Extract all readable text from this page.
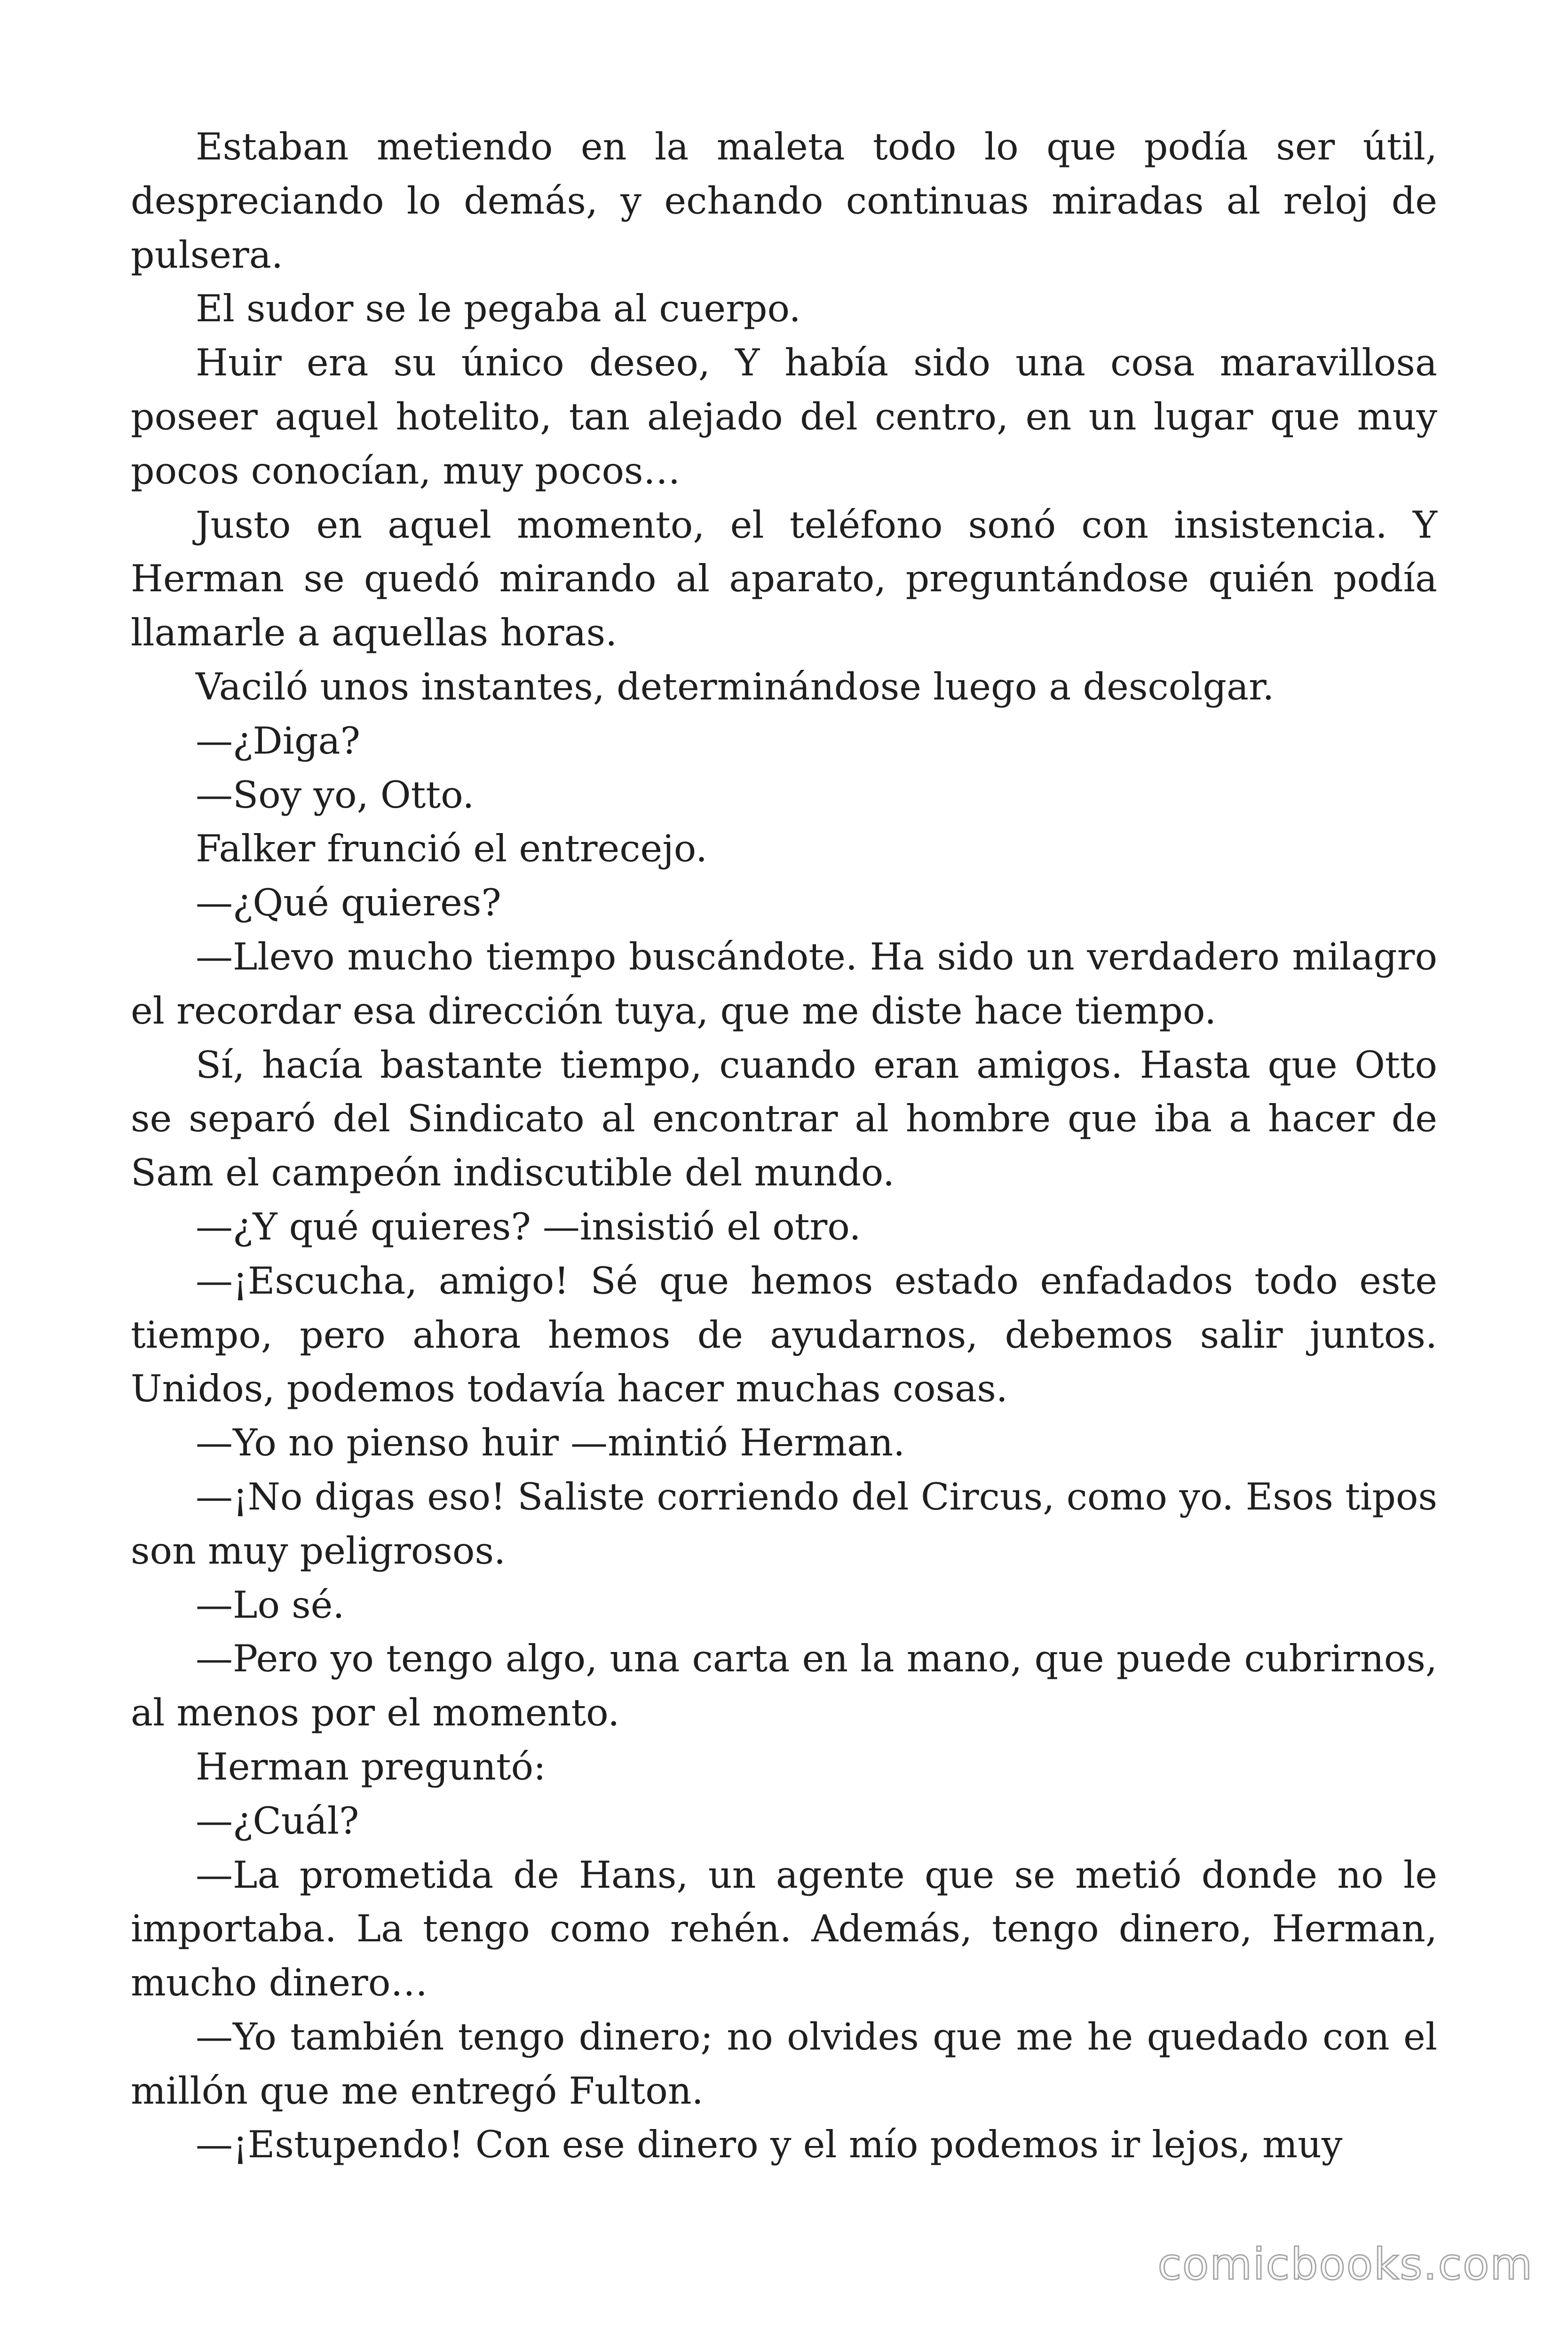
Estaban metiendo en la maleta todo lo que podía ser útil, despreciando lo demás, y echando continuas miradas al reloj de pulsera.

El sudor se le pegaba al cuerpo.

Huir era su único deseo, Y había sido una cosa maravillosa poseer aquel hotelito, tan alejado del centro, en un lugar que muy pocos conocían, muy pocos…

Justo en aquel momento, el teléfono sonó con insistencia. Y Herman se quedó mirando al aparato, preguntándose quién podía llamarle a aquellas horas.

Vaciló unos instantes, determinándose luego a descolgar.

—¿Diga?

—Soy yo, Otto.

Falker frunció el entrecejo.

—¿Qué quieres?

—Llevo mucho tiempo buscándote. Ha sido un verdadero milagro el recordar esa dirección tuya, que me diste hace tiempo.

Sí, hacía bastante tiempo, cuando eran amigos. Hasta que Otto se separó del Sindicato al encontrar al hombre que iba a hacer de Sam el campeón indiscutible del mundo.

—¿Y qué quieres? —insistió el otro.

—¡Escucha, amigo! Sé que hemos estado enfadados todo este tiempo, pero ahora hemos de ayudarnos, debemos salir juntos. Unidos, podemos todavía hacer muchas cosas.

—Yo no pienso huir —mintió Herman.

—¡No digas eso! Saliste corriendo del Circus, como yo. Esos tipos son muy peligrosos.

—Lo sé.

—Pero yo tengo algo, una carta en la mano, que puede cubrirnos, al menos por el momento.

Herman preguntó:

—¿Cuál?

—La prometida de Hans, un agente que se metió donde no le importaba. La tengo como rehén. Además, tengo dinero, Herman, mucho dinero…

—Yo también tengo dinero; no olvides que me he quedado con el millón que me entregó Fulton.

—¡Estupendo! Con ese dinero y el mío podemos ir lejos, muy

comicbooks.com
